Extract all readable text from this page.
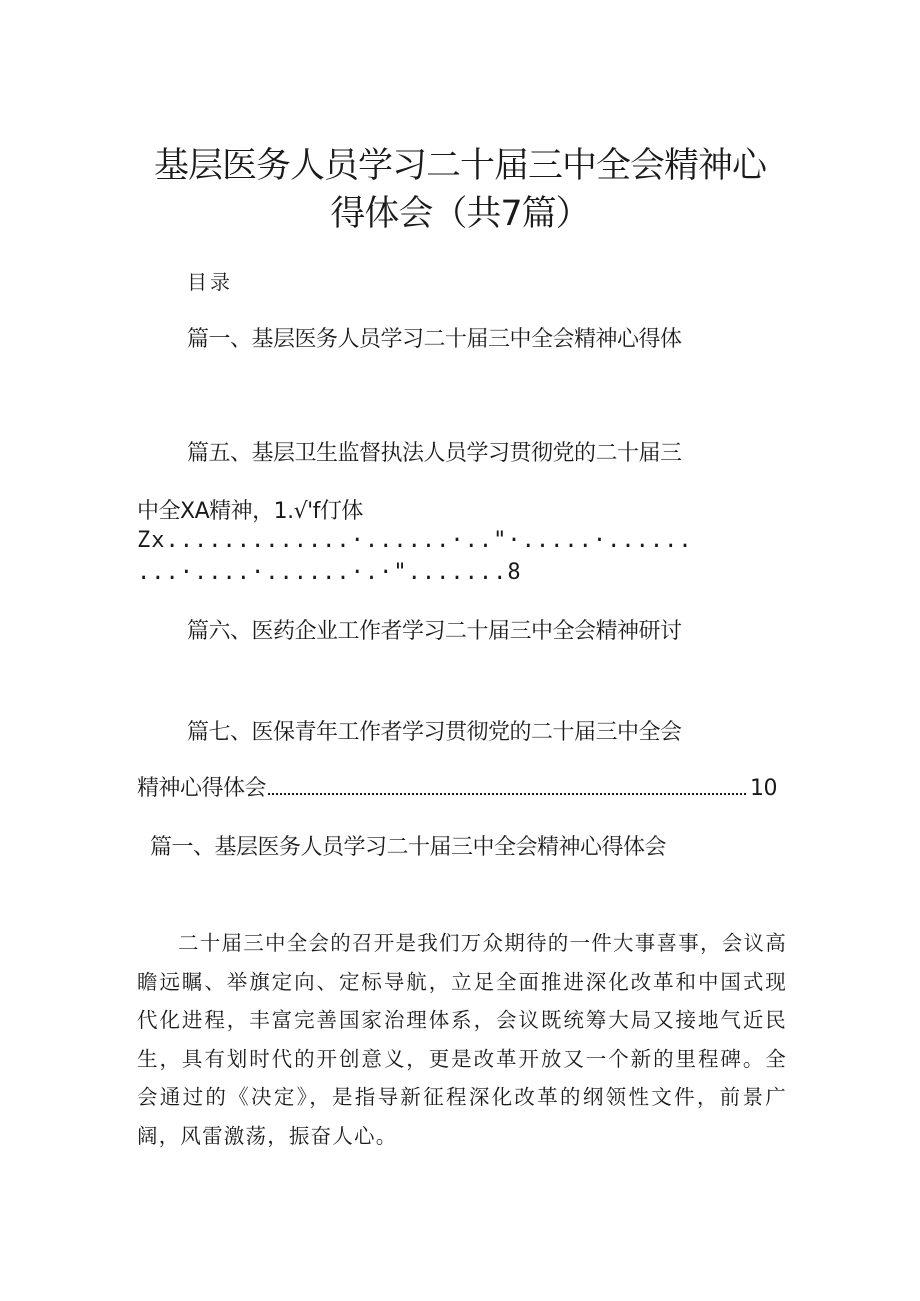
基层医务人员学习二十届三中全会精神心
得体会（共7篇）
目录
篇一、基层医务人员学习二十届三中全会精神心得体
篇五、基层卫生监督执法人员学习贯彻党的二十届三
中全XA精神，1.√'f仃体
Zx.............·......·.."·.....·......
...·....·......·.·".......8
篇六、医药企业工作者学习二十届三中全会精神研讨
篇七、医保青年工作者学习贯彻党的二十届三中全会
精神心得体会	10
篇一、基层医务人员学习二十届三中全会精神心得体会

二十届三中全会的召开是我们万众期待的一件大事喜事，会议高瞻远瞩、举旗定向、定标导航，立足全面推进深化改革和中国式现代化进程，丰富完善国家治理体系，会议既统筹大局又接地气近民生，具有划时代的开创意义，更是改革开放又一个新的里程碑。全会通过的《决定》，是指导新征程深化改革的纲领性文件，前景广阔，风雷激荡，振奋人心。
